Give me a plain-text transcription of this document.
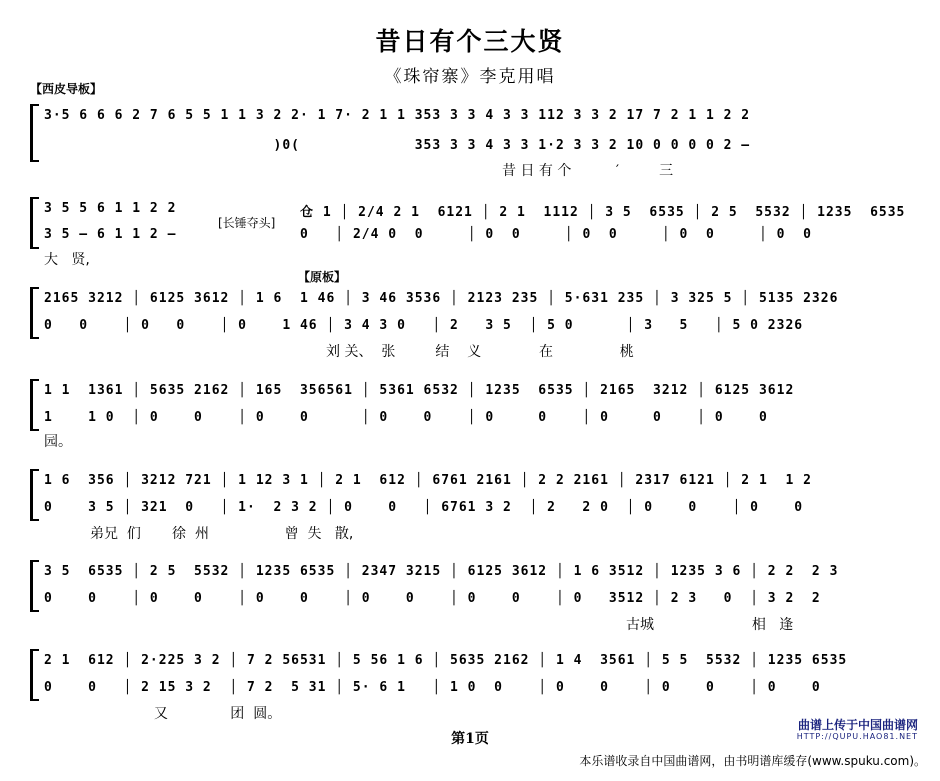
昔日有个三大贤
《珠帘寨》李克用唱
【西皮导板】
3·5 6 6 6 2 7 6 5 5 1 1 3 2 2· 1 7· 2 1 1 353 3 3 4 3 3 112 3 3 2 17 7 2 1 1 2 2
)0(             353 3 3 4 3 3 1·2 3 3 2 10 0 0 0 0 2 —
昔 日 有 个          ′         三
3 5 5 6 1 1 2 2
3 5 — 6 1 1 2 —
[长锤夺头]
仓 1 │ 2/4 2 1  6121 │ 2 1  1112 │ 3 5  6535 │ 2 5  5532 │ 1235  6535
0   │ 2/4 0  0     │ 0  0     │ 0  0     │ 0  0     │ 0  0
大   贤,
【原板】
2165 3212 │ 6125 3612 │ 1 6  1 46 │ 3 46 3536 │ 2123 235 │ 5·631 235 │ 3 325 5 │ 5135 2326
0   0    │ 0   0    │ 0    1 46 │ 3 4 3 0   │ 2   3 5  │ 5 0      │ 3   5   │ 5 0 2326
刘 关、  张         结    义             在               桃
1 1  1361 │ 5635 2162 │ 165  356561 │ 5361 6532 │ 1235  6535 │ 2165  3212 │ 6125 3612
1    1 0  │ 0    0    │ 0    0      │ 0    0    │ 0     0    │ 0     0    │ 0    0
园。
1 6  356 │ 3212 721 │ 1 12 3 1 │ 2 1  612 │ 6761 2161 │ 2 2 2161 │ 2317 6121 │ 2 1  1 2
0    3 5 │ 321  0   │ 1·  2 3 2 │ 0    0   │ 6761 3 2  │ 2   2 0  │ 0    0    │ 0    0
弟兄  们       徐  州                 曾  失   散,
3 5  6535 │ 2 5  5532 │ 1235 6535 │ 2347 3215 │ 6125 3612 │ 1 6 3512 │ 1235 3 6 │ 2 2  2 3
0    0    │ 0    0    │ 0    0    │ 0    0    │ 0    0    │ 0   3512 │ 2 3   0  │ 3 2  2
古城                      相   逢
2 1  612 │ 2·225 3 2 │ 7 2 56531 │ 5 56 1 6 │ 5635 2162 │ 1 4  3561 │ 5 5  5532 │ 1235 6535
0    0   │ 2 15 3 2  │ 7 2  5 31 │ 5· 6 1   │ 1 0  0    │ 0    0    │ 0    0    │ 0    0
又              团  圆。
第1页
曲谱上传于中国曲谱网
HTTP://QUPU.HAO81.NET
本乐谱收录自中国曲谱网，由书明谱库缓存(www.spuku.com)。
